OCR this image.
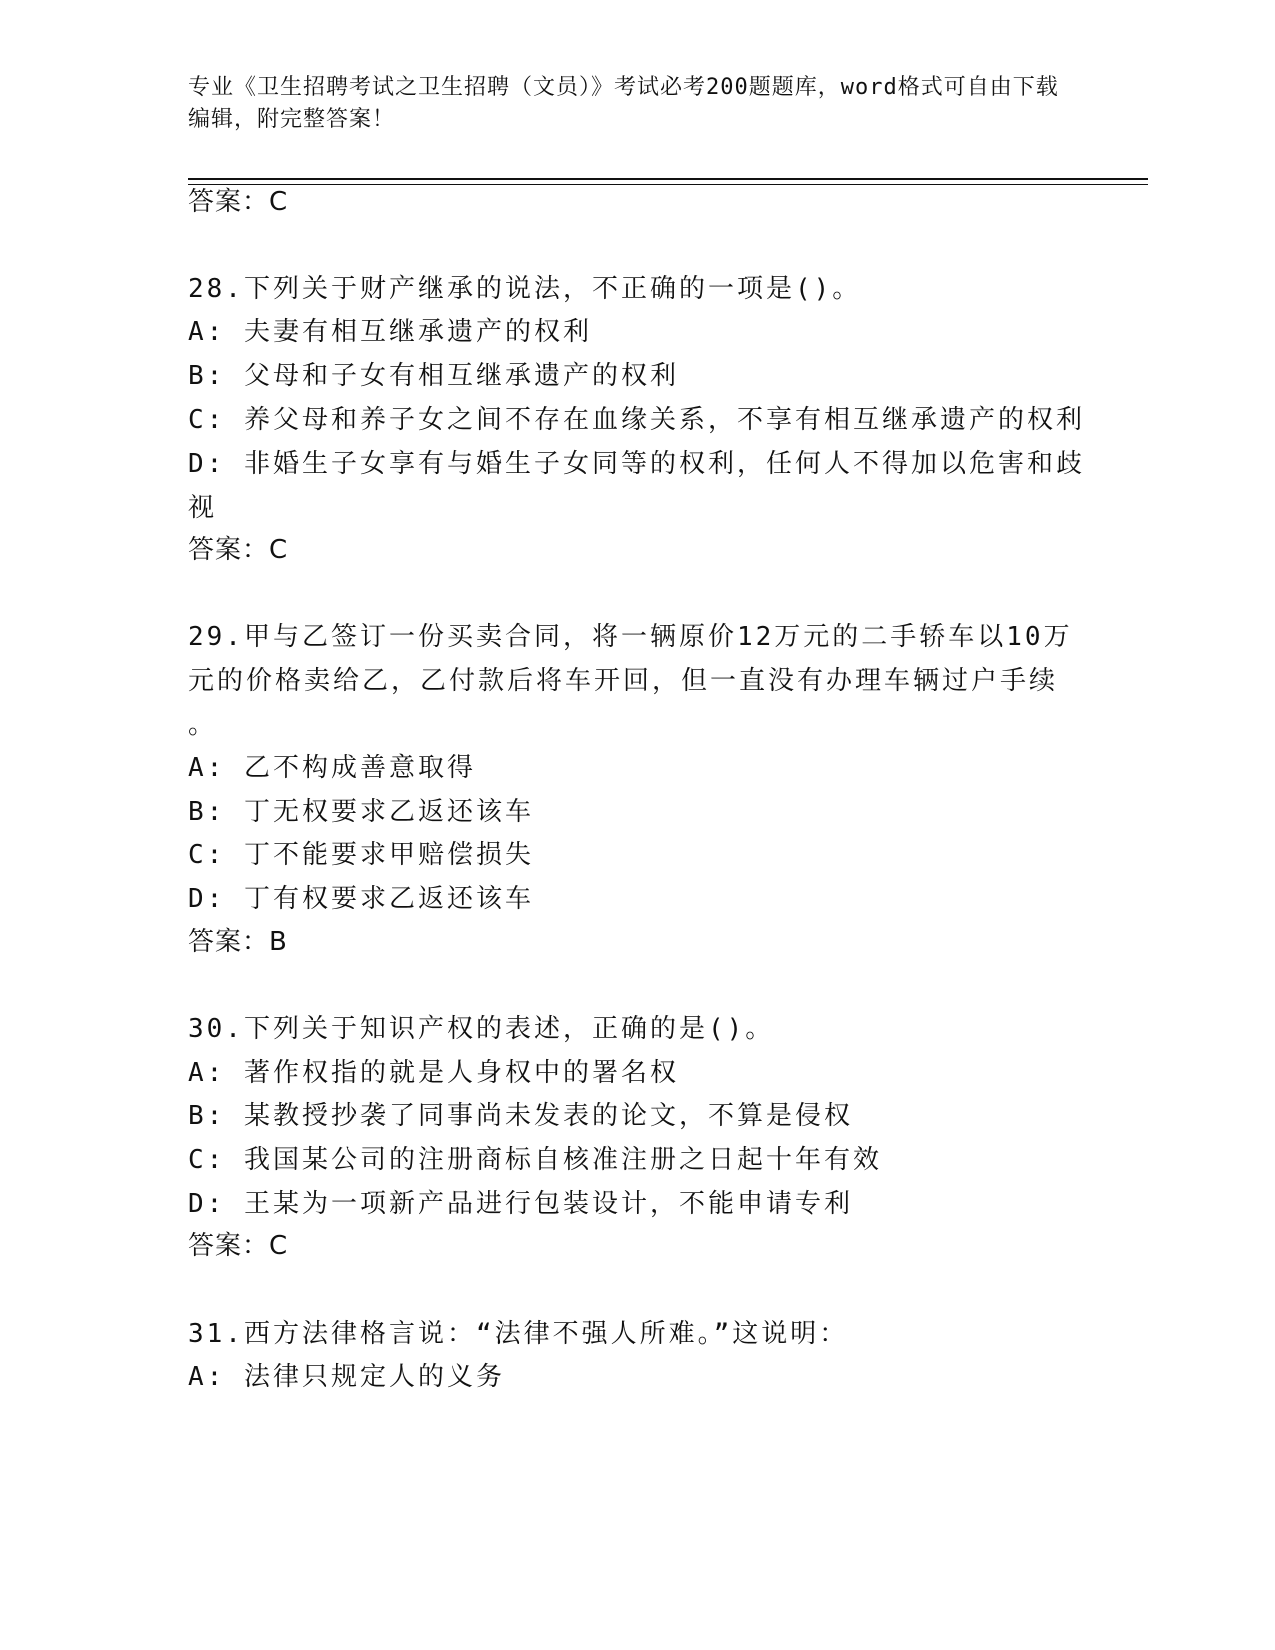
专业《卫生招聘考试之卫生招聘（文员）》考试必考200题题库，word格式可自由下载编辑，附完整答案！
答案：C
28.下列关于财产继承的说法，不正确的一项是()。
A: 夫妻有相互继承遗产的权利
B: 父母和子女有相互继承遗产的权利
C: 养父母和养子女之间不存在血缘关系，不享有相互继承遗产的权利
D: 非婚生子女享有与婚生子女同等的权利，任何人不得加以危害和歧
视
答案：C
29.甲与乙签订一份买卖合同，将一辆原价12万元的二手轿车以10万
元的价格卖给乙，乙付款后将车开回，但一直没有办理车辆过户手续
。
A: 乙不构成善意取得
B: 丁无权要求乙返还该车
C: 丁不能要求甲赔偿损失
D: 丁有权要求乙返还该车
答案：B
30.下列关于知识产权的表述，正确的是()。
A: 著作权指的就是人身权中的署名权
B: 某教授抄袭了同事尚未发表的论文，不算是侵权
C: 我国某公司的注册商标自核准注册之日起十年有效
D: 王某为一项新产品进行包装设计，不能申请专利
答案：C
31.西方法律格言说：“法律不强人所难。”这说明：
A: 法律只规定人的义务
